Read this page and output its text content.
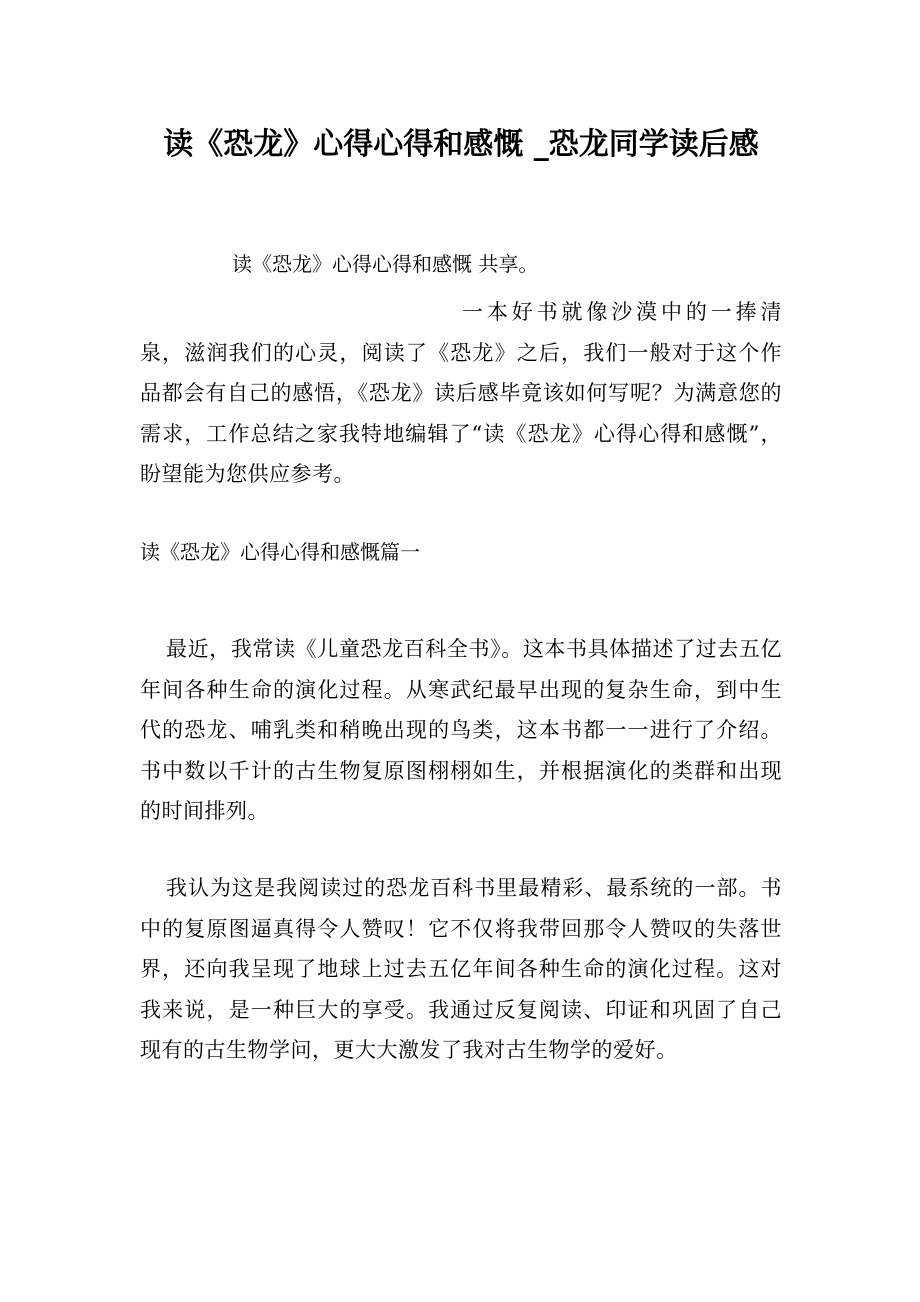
读《恐龙》心得心得和感慨 _恐龙同学读后感

读《恐龙》心得心得和感慨 共享。

一本好书就像沙漠中的一捧清泉，滋润我们的心灵，阅读了《恐龙》之后，我们一般对于这个作品都会有自己的感悟，《恐龙》读后感毕竟该如何写呢？为满意您的需求，工作总结之家我特地编辑了“读《恐龙》心得心得和感慨”，盼望能为您供应参考。

读《恐龙》心得心得和感慨篇一

最近，我常读《儿童恐龙百科全书》。这本书具体描述了过去五亿年间各种生命的演化过程。从寒武纪最早出现的复杂生命，到中生代的恐龙、哺乳类和稍晚出现的鸟类，这本书都一一进行了介绍。书中数以千计的古生物复原图栩栩如生，并根据演化的类群和出现的时间排列。

我认为这是我阅读过的恐龙百科书里最精彩、最系统的一部。书中的复原图逼真得令人赞叹！它不仅将我带回那令人赞叹的失落世界，还向我呈现了地球上过去五亿年间各种生命的演化过程。这对我来说，是一种巨大的享受。我通过反复阅读、印证和巩固了自己现有的古生物学问，更大大激发了我对古生物学的爱好。
